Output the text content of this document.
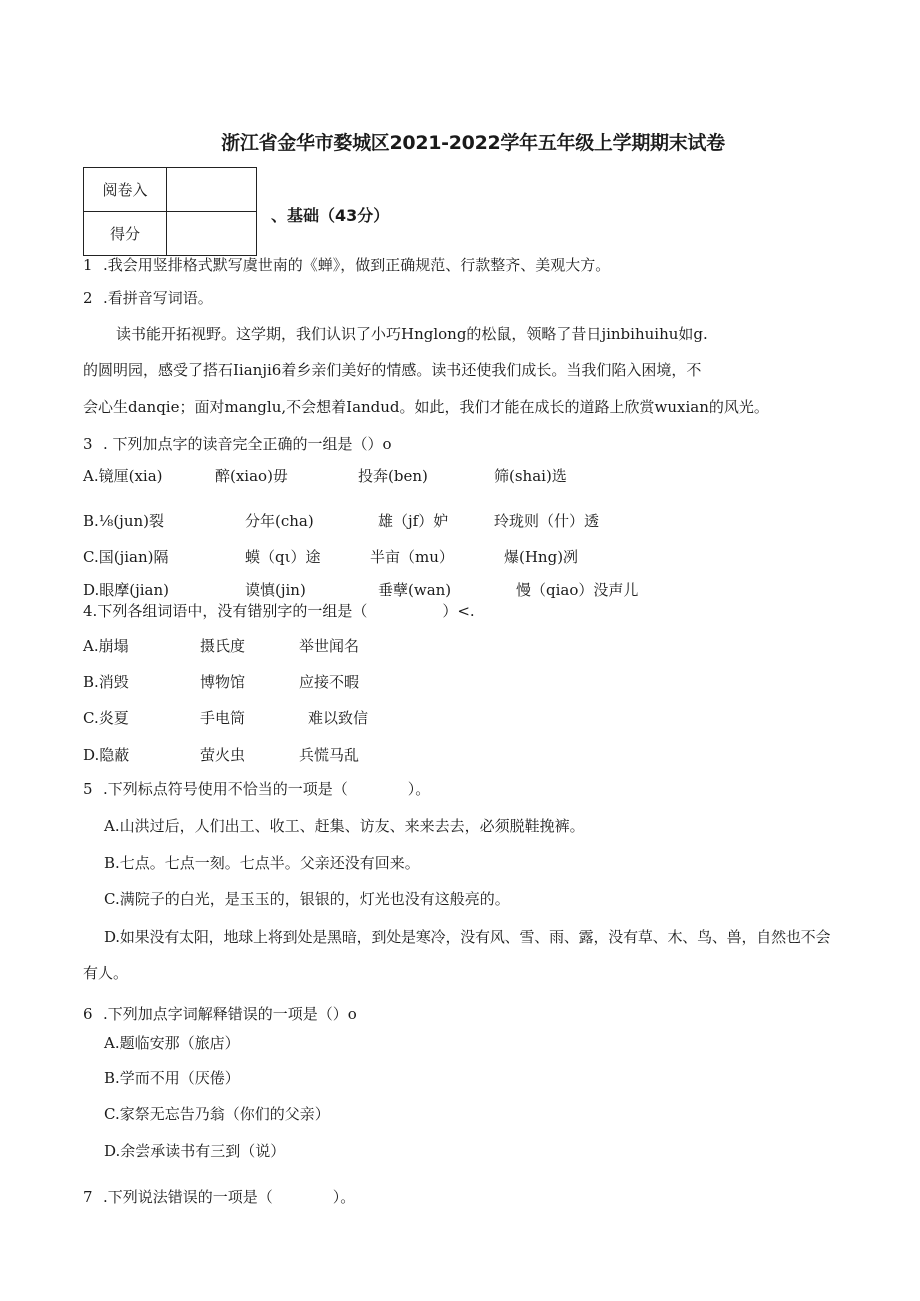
浙江省金华市婺城区2021-2022学年五年级上学期期末试卷
阅卷入	
得分	
、基础（43分）
1 .我会用竖排格式默写虞世南的《蝉》，做到正确规范、行款整齐、美观大方。
2 .看拼音写词语。
读书能开拓视野。这学期，我们认识了小巧Hnglong的松鼠，领略了昔日jinbihuihu如g.
的圆明园，感受了搭石Iianji6着乡亲们美好的情感。读书还使我们成长。当我们陷入困境，不
会心生danqie；面对manglu,不会想着Iandud。如此，我们才能在成长的道路上欣赏wuxian的风光。
3 . 下列加点字的读音完全正确的一组是（）o
A.镜厘(xia)	醉(xiao)毋	投奔(ben)	筛(shai)选
B.⅛(jun)裂	分年(cha)	雄（jf）妒	玲珑则（什）透
C.国(jian)隔	蟆（qι）途	半亩（mu）	爆(Hng)冽
D.眼摩(jian)	谟慎(jin)	垂孽(wan)	慢（qiao）没声儿
4.下列各组词语中，没有错别字的一组是（　　　　　）<.
A.崩塌	摄氏度	举世闻名
B.消毁	博物馆	应接不暇
C.炎夏	手电筒	难以致信
D.隐蔽	萤火虫	兵慌马乱
5 .下列标点符号使用不恰当的一项是（　　　　）。
A.山洪过后，人们出工、收工、赶集、访友、来来去去，必须脱鞋挽裤。
B.七点。七点一刻。七点半。父亲还没有回来。
C.满院子的白光，是玉玉的，银银的，灯光也没有这般亮的。
D.如果没有太阳，地球上将到处是黑暗，到处是寒冷，没有风、雪、雨、露，没有草、木、鸟、兽，自然也不会
有人。
6 .下列加点字词解释错误的一项是（）o
A.题临安那（旅店）
B.学而不用（厌倦）
C.家祭无忘告乃翁（你们的父亲）
D.余尝承读书有三到（说）
7 .下列说法错误的一项是（　　　　）。
